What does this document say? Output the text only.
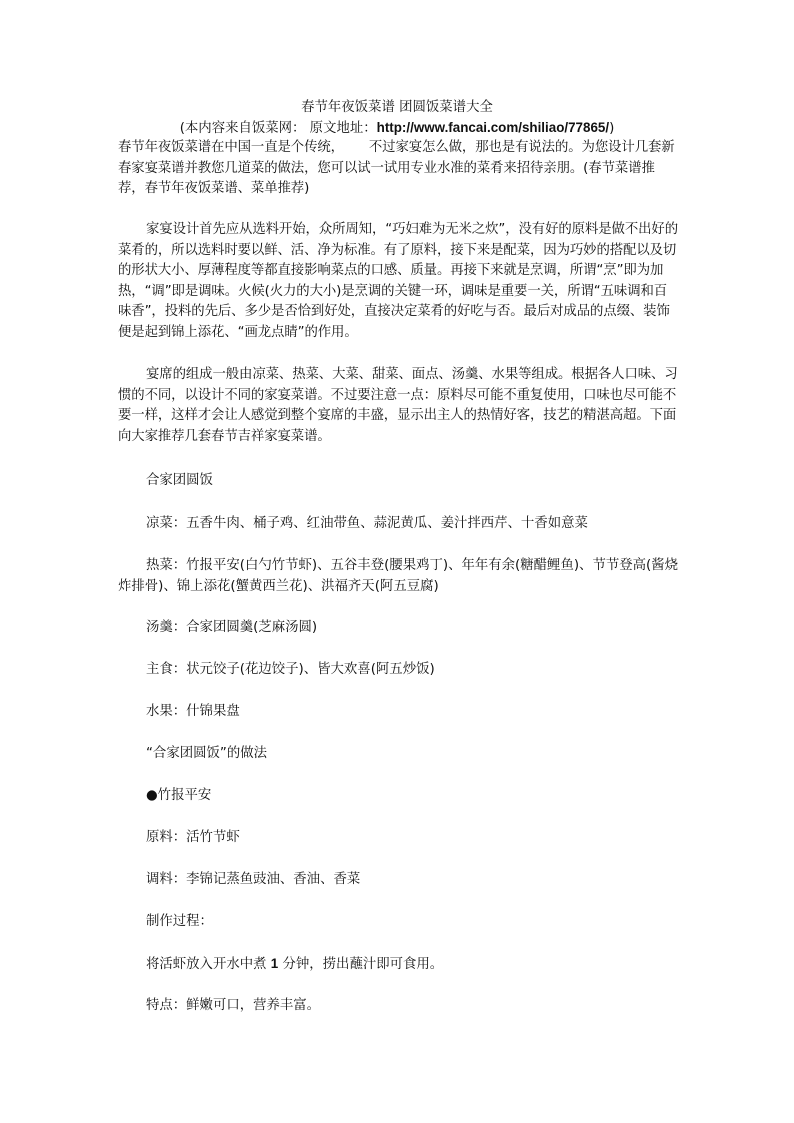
春节年夜饭菜谱 团圆饭菜谱大全
(本内容来自饭菜网： 原文地址：http://www.fancai.com/shiliao/77865/)
春节年夜饭菜谱在中国一直是个传统，      不过家宴怎么做，那也是有说法的。为您设计几套新春家宴菜谱并教您几道菜的做法，您可以试一试用专业水准的菜肴来招待亲朋。(春节菜谱推荐，春节年夜饭菜谱、菜单推荐)
家宴设计首先应从选料开始，众所周知，“巧妇难为无米之炊”，没有好的原料是做不出好的菜肴的，所以选料时要以鲜、活、净为标准。有了原料，接下来是配菜，因为巧妙的搭配以及切的形状大小、厚薄程度等都直接影响菜点的口感、质量。再接下来就是烹调，所谓“烹”即为加热，“调”即是调味。火候(火力的大小)是烹调的关键一环，调味是重要一关，所谓“五味调和百味香”，投料的先后、多少是否恰到好处，直接决定菜肴的好吃与否。最后对成品的点缀、装饰便是起到锦上添花、“画龙点睛”的作用。
宴席的组成一般由凉菜、热菜、大菜、甜菜、面点、汤羹、水果等组成。根据各人口味、习惯的不同，以设计不同的家宴菜谱。不过要注意一点：原料尽可能不重复使用，口味也尽可能不要一样，这样才会让人感觉到整个宴席的丰盛，显示出主人的热情好客，技艺的精湛高超。下面向大家推荐几套春节吉祥家宴菜谱。
合家团圆饭
凉菜：五香牛肉、桶子鸡、红油带鱼、蒜泥黄瓜、姜汁拌西芹、十香如意菜
热菜：竹报平安(白勺竹节虾)、五谷丰登(腰果鸡丁)、年年有余(糖醋鲤鱼)、节节登高(酱烧炸排骨)、锦上添花(蟹黄西兰花)、洪福齐天(阿五豆腐)
汤羹：合家团圆羹(芝麻汤圆)
主食：状元饺子(花边饺子)、皆大欢喜(阿五炒饭)
水果：什锦果盘
“合家团圆饭”的做法
●竹报平安
原料：活竹节虾
调料：李锦记蒸鱼豉油、香油、香菜
制作过程：
将活虾放入开水中煮 1 分钟，捞出蘸汁即可食用。
特点：鲜嫩可口，营养丰富。
